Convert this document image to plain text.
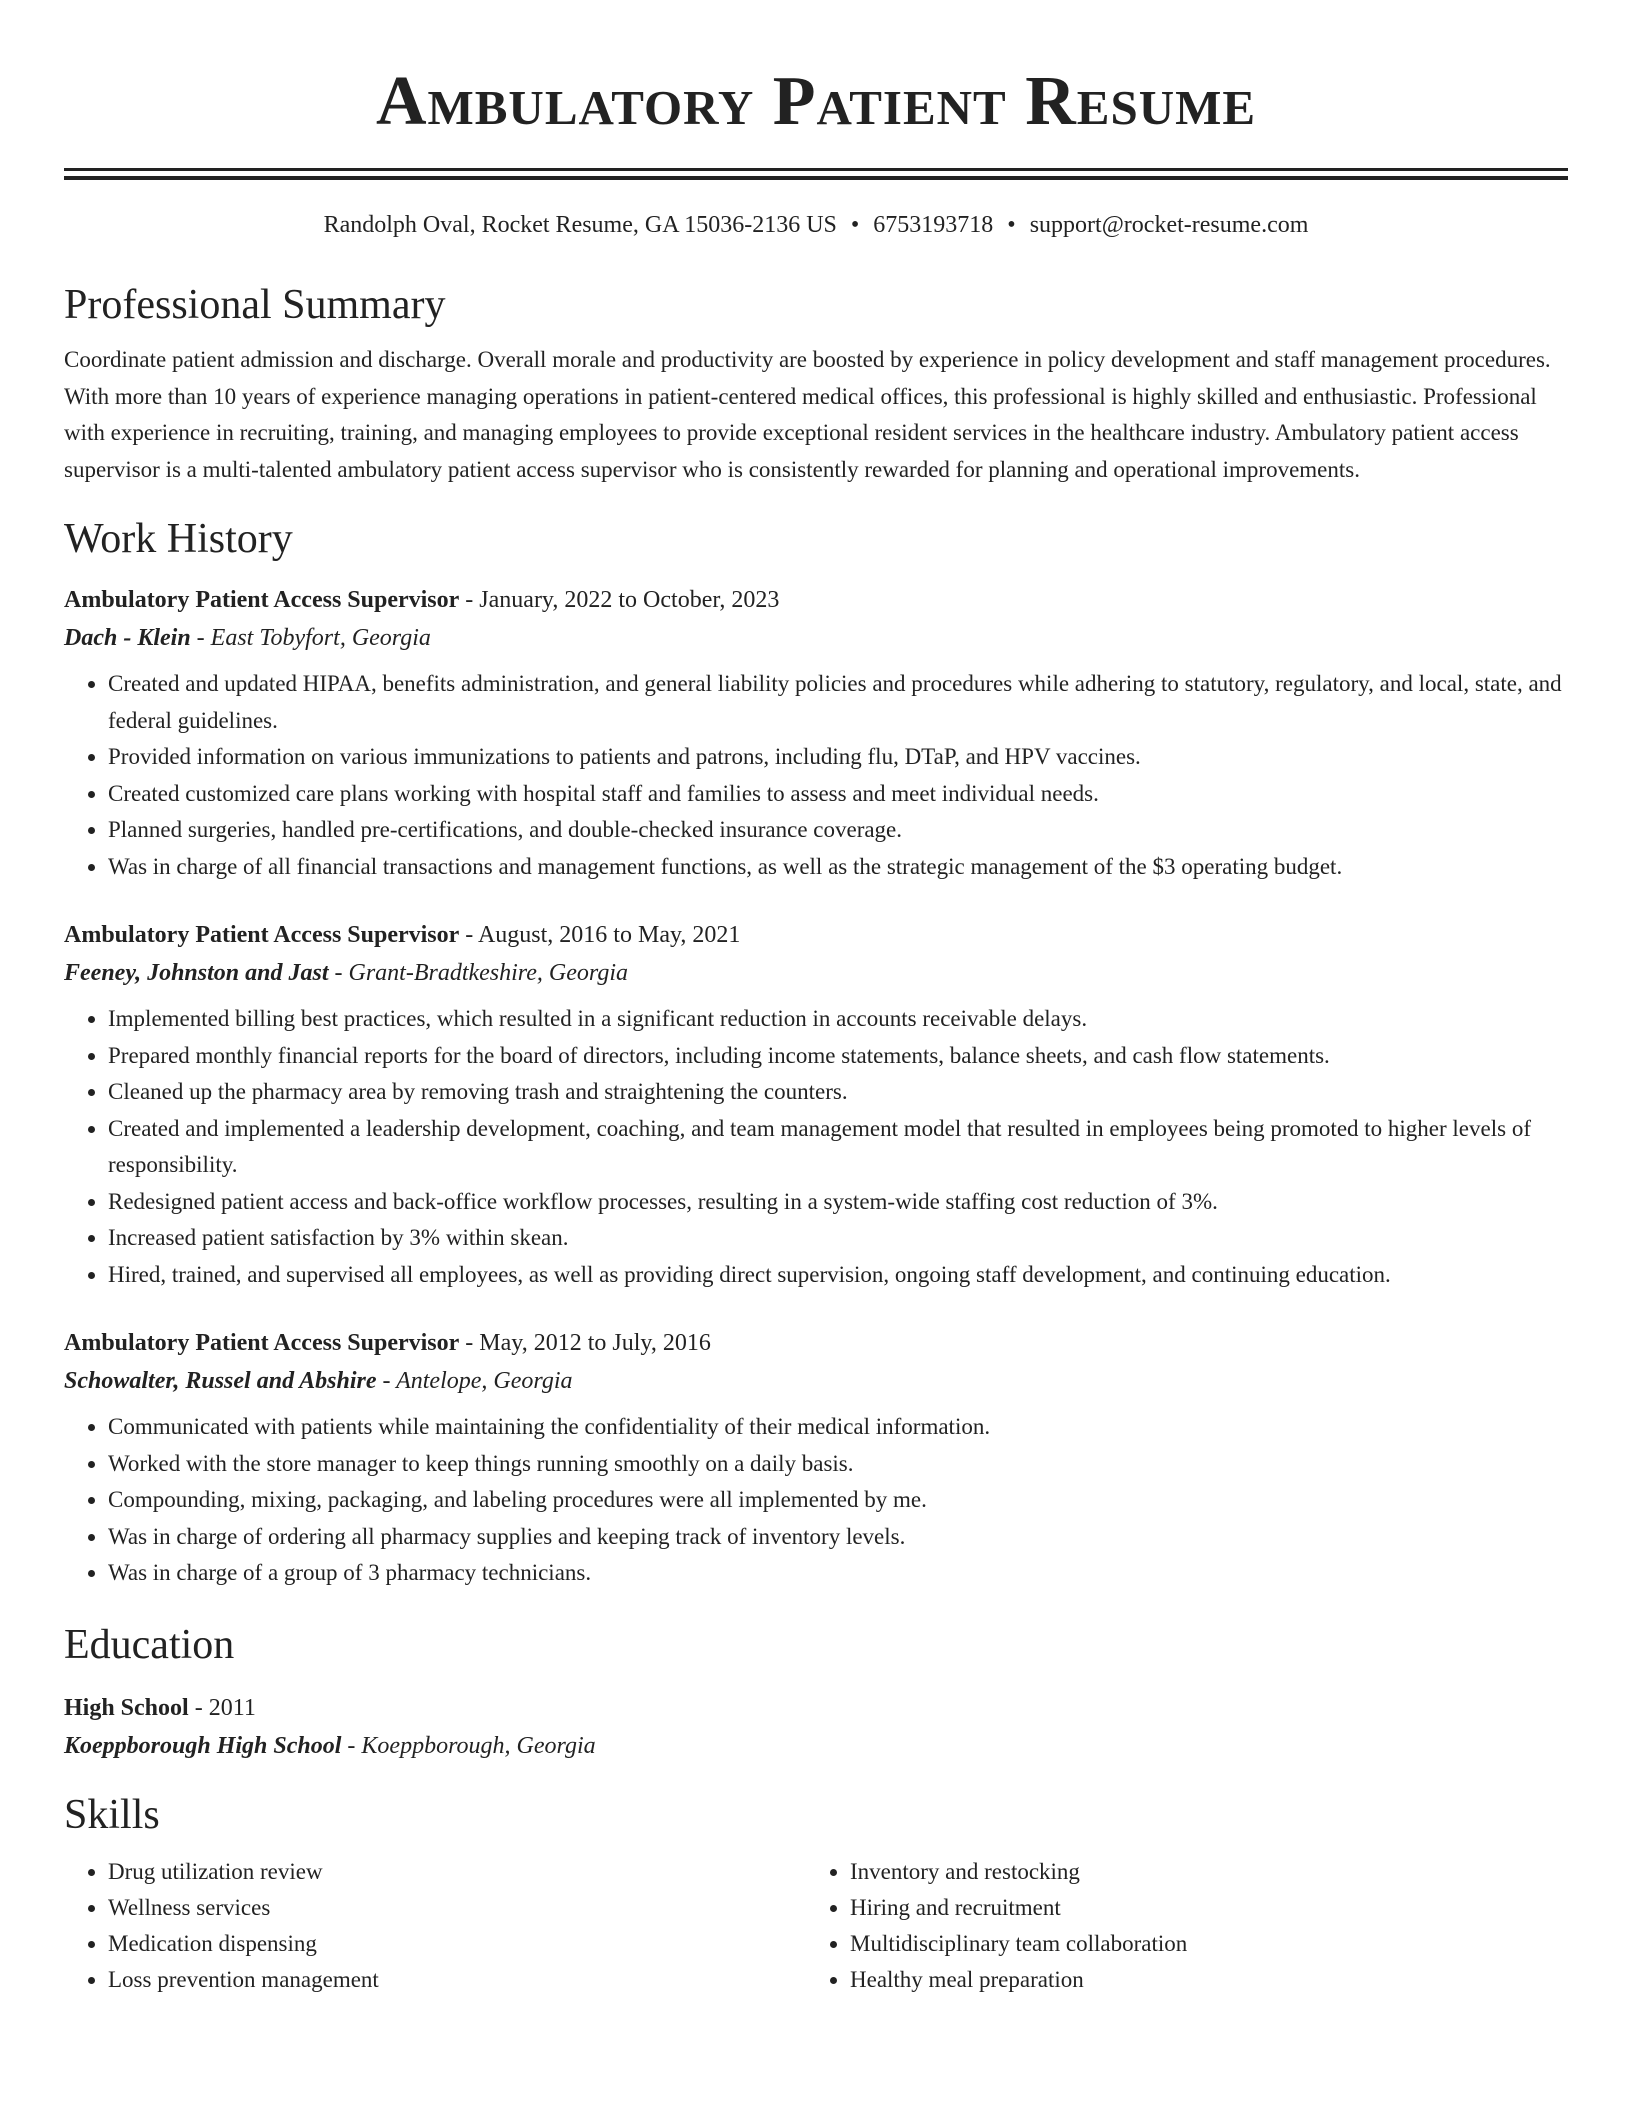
Ambulatory Patient Resume
Randolph Oval, Rocket Resume, GA 15036-2136 US • 6753193718 • support@rocket-resume.com
Professional Summary

Coordinate patient admission and discharge. Overall morale and productivity are boosted by experience in policy development and staff management procedures. With more than 10 years of experience managing operations in patient-centered medical offices, this professional is highly skilled and enthusiastic. Professional with experience in recruiting, training, and managing employees to provide exceptional resident services in the healthcare industry. Ambulatory patient access supervisor is a multi-talented ambulatory patient access supervisor who is consistently rewarded for planning and operational improvements.

Work History
Ambulatory Patient Access Supervisor - January, 2022 to October, 2023
Dach - Klein - East Tobyfort, Georgia
• Created and updated HIPAA, benefits administration, and general liability policies and procedures while adhering to statutory, regulatory, and local, state, and federal guidelines.
• Provided information on various immunizations to patients and patrons, including flu, DTaP, and HPV vaccines.
• Created customized care plans working with hospital staff and families to assess and meet individual needs.
• Planned surgeries, handled pre-certifications, and double-checked insurance coverage.
• Was in charge of all financial transactions and management functions, as well as the strategic management of the $3 operating budget.
Ambulatory Patient Access Supervisor - August, 2016 to May, 2021
Feeney, Johnston and Jast - Grant-Bradtkeshire, Georgia
• Implemented billing best practices, which resulted in a significant reduction in accounts receivable delays.
• Prepared monthly financial reports for the board of directors, including income statements, balance sheets, and cash flow statements.
• Cleaned up the pharmacy area by removing trash and straightening the counters.
• Created and implemented a leadership development, coaching, and team management model that resulted in employees being promoted to higher levels of responsibility.
• Redesigned patient access and back-office workflow processes, resulting in a system-wide staffing cost reduction of 3%.
• Increased patient satisfaction by 3% within skean.
• Hired, trained, and supervised all employees, as well as providing direct supervision, ongoing staff development, and continuing education.
Ambulatory Patient Access Supervisor - May, 2012 to July, 2016
Schowalter, Russel and Abshire - Antelope, Georgia
• Communicated with patients while maintaining the confidentiality of their medical information.
• Worked with the store manager to keep things running smoothly on a daily basis.
• Compounding, mixing, packaging, and labeling procedures were all implemented by me.
• Was in charge of ordering all pharmacy supplies and keeping track of inventory levels.
• Was in charge of a group of 3 pharmacy technicians.
Education
High School - 2011
Koeppborough High School - Koeppborough, Georgia
Skills
• Drug utilization review
• Wellness services
• Medication dispensing
• Loss prevention management
• Inventory and restocking
• Hiring and recruitment
• Multidisciplinary team collaboration
• Healthy meal preparation
